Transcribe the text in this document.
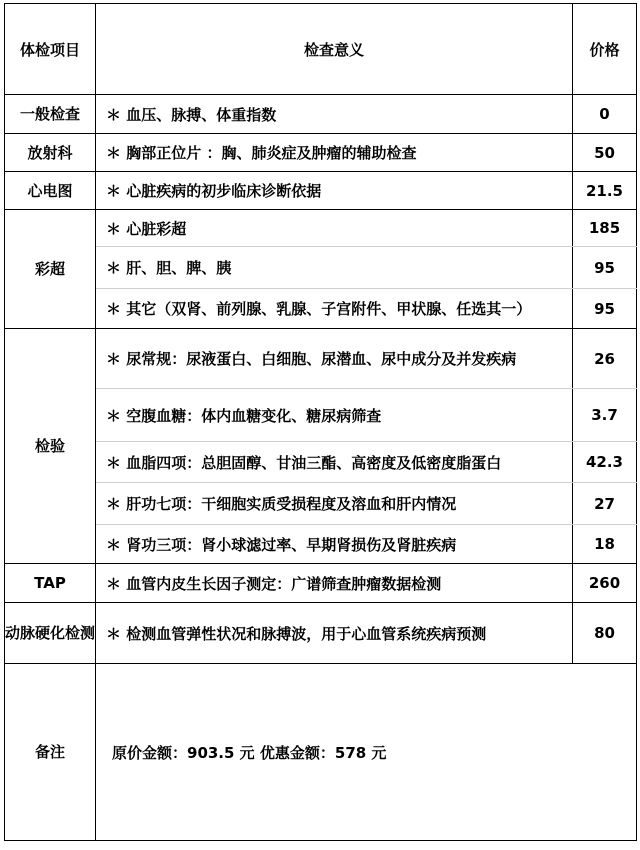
体检项目	检查意义	价格
一般检查	＊ 血压、脉搏、体重指数	0
放射科	＊ 胸部正位片 ：胸、肺炎症及肿瘤的辅助检查	50
心电图	＊ 心脏疾病的初步临床诊断依据	21.5
彩超	＊ 心脏彩超	185
	＊ 肝、胆、脾、胰	95
	＊ 其它（双肾、前列腺、乳腺、子宫附件、甲状腺、任选其一）	95
检验	＊ 尿常规：尿液蛋白、白细胞、尿潜血、尿中成分及并发疾病	26
	＊ 空腹血糖：体内血糖变化、糖尿病筛查	3.7
	＊ 血脂四项：总胆固醇、甘油三酯、高密度及低密度脂蛋白	42.3
	＊ 肝功七项：干细胞实质受损程度及溶血和肝内情况	27
	＊ 肾功三项：肾小球滤过率、早期肾损伤及肾脏疾病	18
TAP	＊ 血管内皮生长因子测定：广谱筛查肿瘤数据检测	260
动脉硬化检测	＊ 检测血管弹性状况和脉搏波，用于心血管系统疾病预测	80
备注	原价金额：903.5 元 优惠金额：578 元	
